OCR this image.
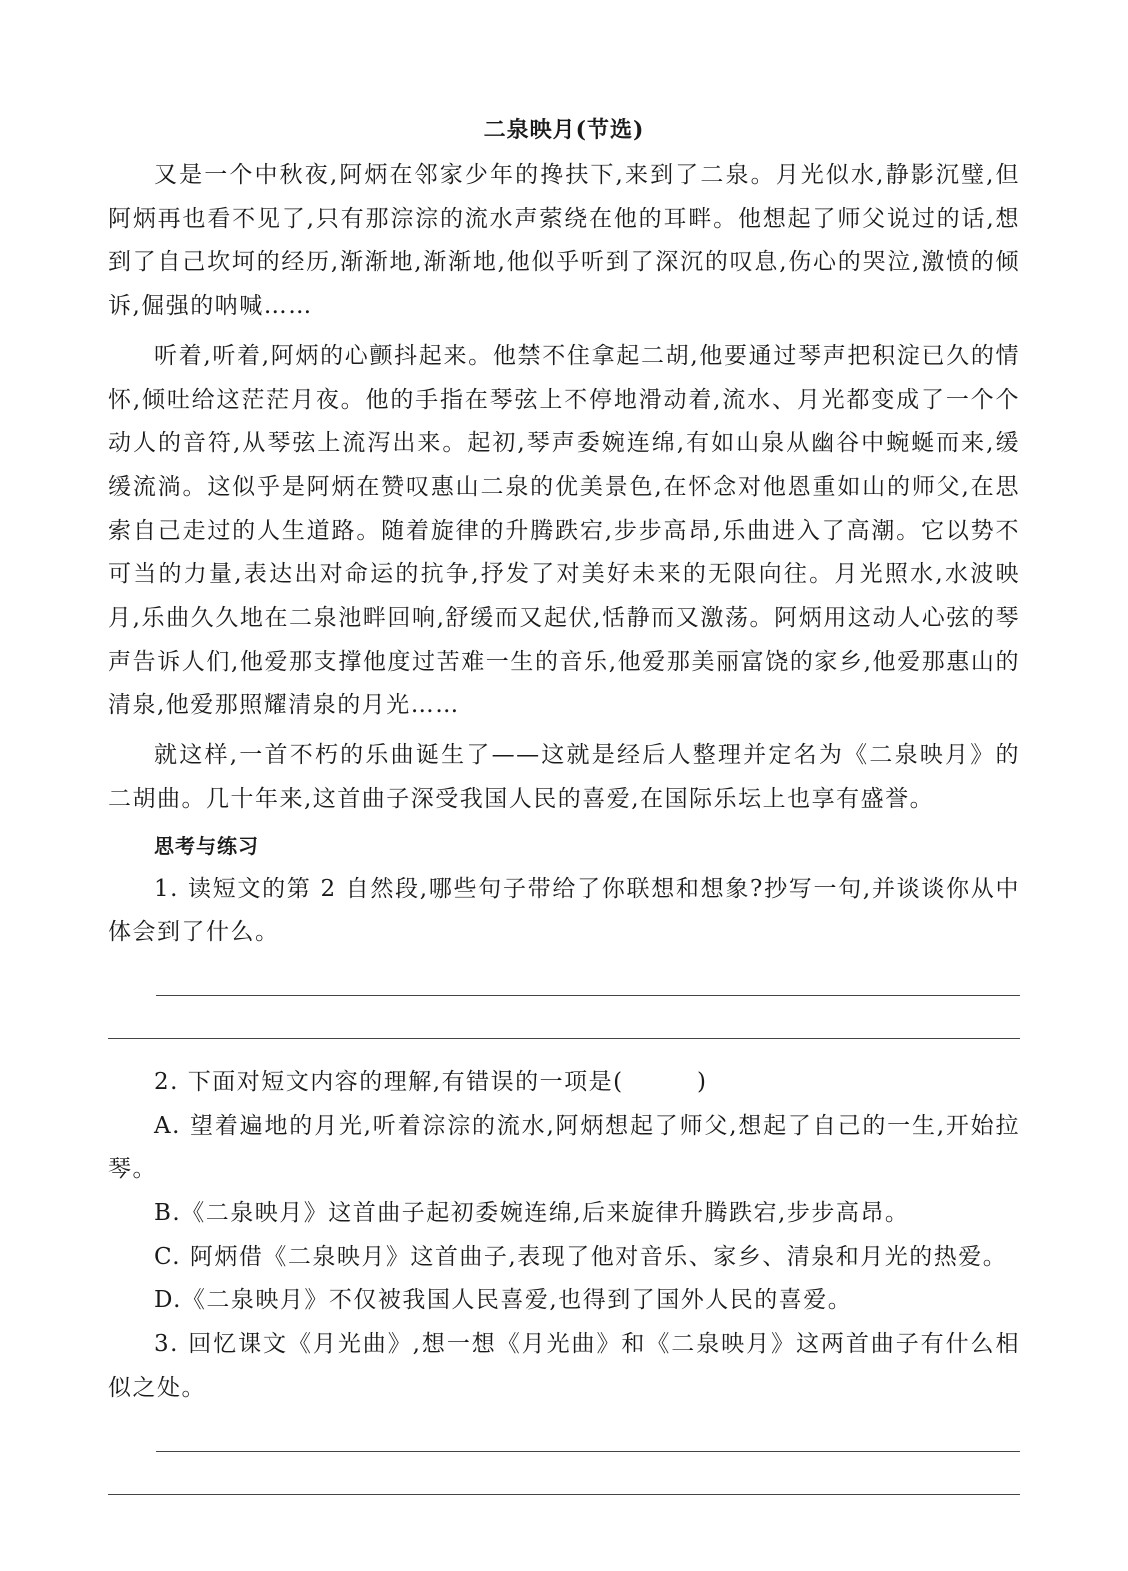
二泉映月(节选)

又是一个中秋夜,阿炳在邻家少年的搀扶下,来到了二泉。月光似水,静影沉璧,但阿炳再也看不见了,只有那淙淙的流水声萦绕在他的耳畔。他想起了师父说过的话,想到了自己坎坷的经历,渐渐地,渐渐地,他似乎听到了深沉的叹息,伤心的哭泣,激愤的倾诉,倔强的呐喊……

听着,听着,阿炳的心颤抖起来。他禁不住拿起二胡,他要通过琴声把积淀已久的情怀,倾吐给这茫茫月夜。他的手指在琴弦上不停地滑动着,流水、月光都变成了一个个动人的音符,从琴弦上流泻出来。起初,琴声委婉连绵,有如山泉从幽谷中蜿蜒而来,缓缓流淌。这似乎是阿炳在赞叹惠山二泉的优美景色,在怀念对他恩重如山的师父,在思索自己走过的人生道路。随着旋律的升腾跌宕,步步高昂,乐曲进入了高潮。它以势不可当的力量,表达出对命运的抗争,抒发了对美好未来的无限向往。月光照水,水波映月,乐曲久久地在二泉池畔回响,舒缓而又起伏,恬静而又激荡。阿炳用这动人心弦的琴声告诉人们,他爱那支撑他度过苦难一生的音乐,他爱那美丽富饶的家乡,他爱那惠山的清泉,他爱那照耀清泉的月光……

就这样,一首不朽的乐曲诞生了——这就是经后人整理并定名为《二泉映月》的二胡曲。几十年来,这首曲子深受我国人民的喜爱,在国际乐坛上也享有盛誉。

思考与练习

1. 读短文的第 2 自然段,哪些句子带给了你联想和想象?抄写一句,并谈谈你从中体会到了什么。

2. 下面对短文内容的理解,有错误的一项是(　　　)

A. 望着遍地的月光,听着淙淙的流水,阿炳想起了师父,想起了自己的一生,开始拉琴。

B.《二泉映月》这首曲子起初委婉连绵,后来旋律升腾跌宕,步步高昂。

C. 阿炳借《二泉映月》这首曲子,表现了他对音乐、家乡、清泉和月光的热爱。

D.《二泉映月》不仅被我国人民喜爱,也得到了国外人民的喜爱。

3. 回忆课文《月光曲》,想一想《月光曲》和《二泉映月》这两首曲子有什么相似之处。
